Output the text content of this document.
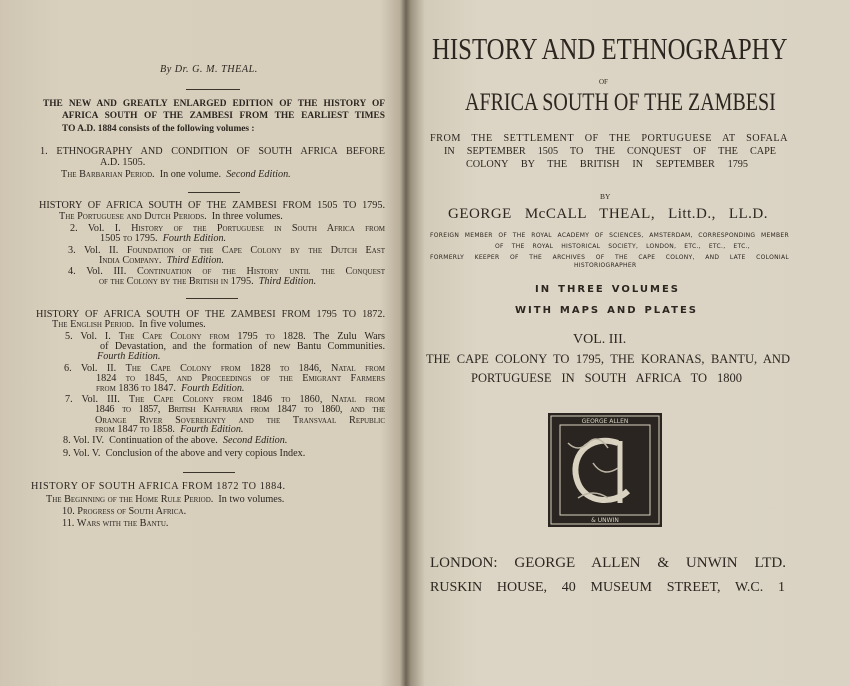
By Dr. G. M. THEAL.
THE NEW AND GREATLY ENLARGED EDITION OF THE HISTORY OF
AFRICA SOUTH OF THE ZAMBESI FROM THE EARLIEST TIMES
TO A.D. 1884 consists of the following volumes :
1. ETHNOGRAPHY AND CONDITION OF SOUTH AFRICA BEFORE
A.D. 1505.
The Barbarian Period. In one volume. Second Edition.
HISTORY OF AFRICA SOUTH OF THE ZAMBESI FROM 1505 TO 1795.
The Portuguese and Dutch Periods. In three volumes.
2. Vol. I. History of the Portuguese in South Africa from
1505 to 1795. Fourth Edition.
3. Vol. II. Foundation of the Cape Colony by the Dutch East
India Company. Third Edition.
4. Vol. III. Continuation of the History until the Conquest
of the Colony by the British in 1795. Third Edition.
HISTORY OF AFRICA SOUTH OF THE ZAMBESI FROM 1795 TO 1872.
The English Period. In five volumes.
5. Vol. I. The Cape Colony from 1795 to 1828. The Zulu Wars
of Devastation, and the formation of new Bantu Communities.
Fourth Edition.
6. Vol. II. The Cape Colony from 1828 to 1846, Natal from
1824 to 1845, and Proceedings of the Emigrant Farmers
from 1836 to 1847. Fourth Edition.
7. Vol. III. The Cape Colony from 1846 to 1860, Natal from
1846 to 1857, British Kaffraria from 1847 to 1860, and the
Orange River Sovereignty and the Transvaal Republic
from 1847 to 1858. Fourth Edition.
8. Vol. IV. Continuation of the above. Second Edition.
9. Vol. V. Conclusion of the above and very copious Index.
HISTORY OF SOUTH AFRICA FROM 1872 TO 1884.
The Beginning of the Home Rule Period. In two volumes.
10. Progress of South Africa.
11. Wars with the Bantu.
HISTORY AND ETHNOGRAPHY
OF
AFRICA SOUTH OF THE ZAMBESI
FROM THE SETTLEMENT OF THE PORTUGUESE AT SOFALA
IN SEPTEMBER 1505 TO THE CONQUEST OF THE CAPE
COLONY BY THE BRITISH IN SEPTEMBER 1795
BY
GEORGE McCALL THEAL, Litt.D., LL.D.
FOREIGN MEMBER OF THE ROYAL ACADEMY OF SCIENCES, AMSTERDAM, CORRESPONDING MEMBER
OF THE ROYAL HISTORICAL SOCIETY, LONDON, ETC., ETC., ETC.,
FORMERLY KEEPER OF THE ARCHIVES OF THE CAPE COLONY, AND LATE COLONIAL
HISTORIOGRAPHER
IN THREE VOLUMES
WITH MAPS AND PLATES
VOL. III.
THE CAPE COLONY TO 1795, THE KORANAS, BANTU, AND
PORTUGUESE IN SOUTH AFRICA TO 1800
GEORGE ALLEN
& UNWIN
LONDON: GEORGE ALLEN & UNWIN LTD.
RUSKIN HOUSE, 40 MUSEUM STREET, W.C. 1
